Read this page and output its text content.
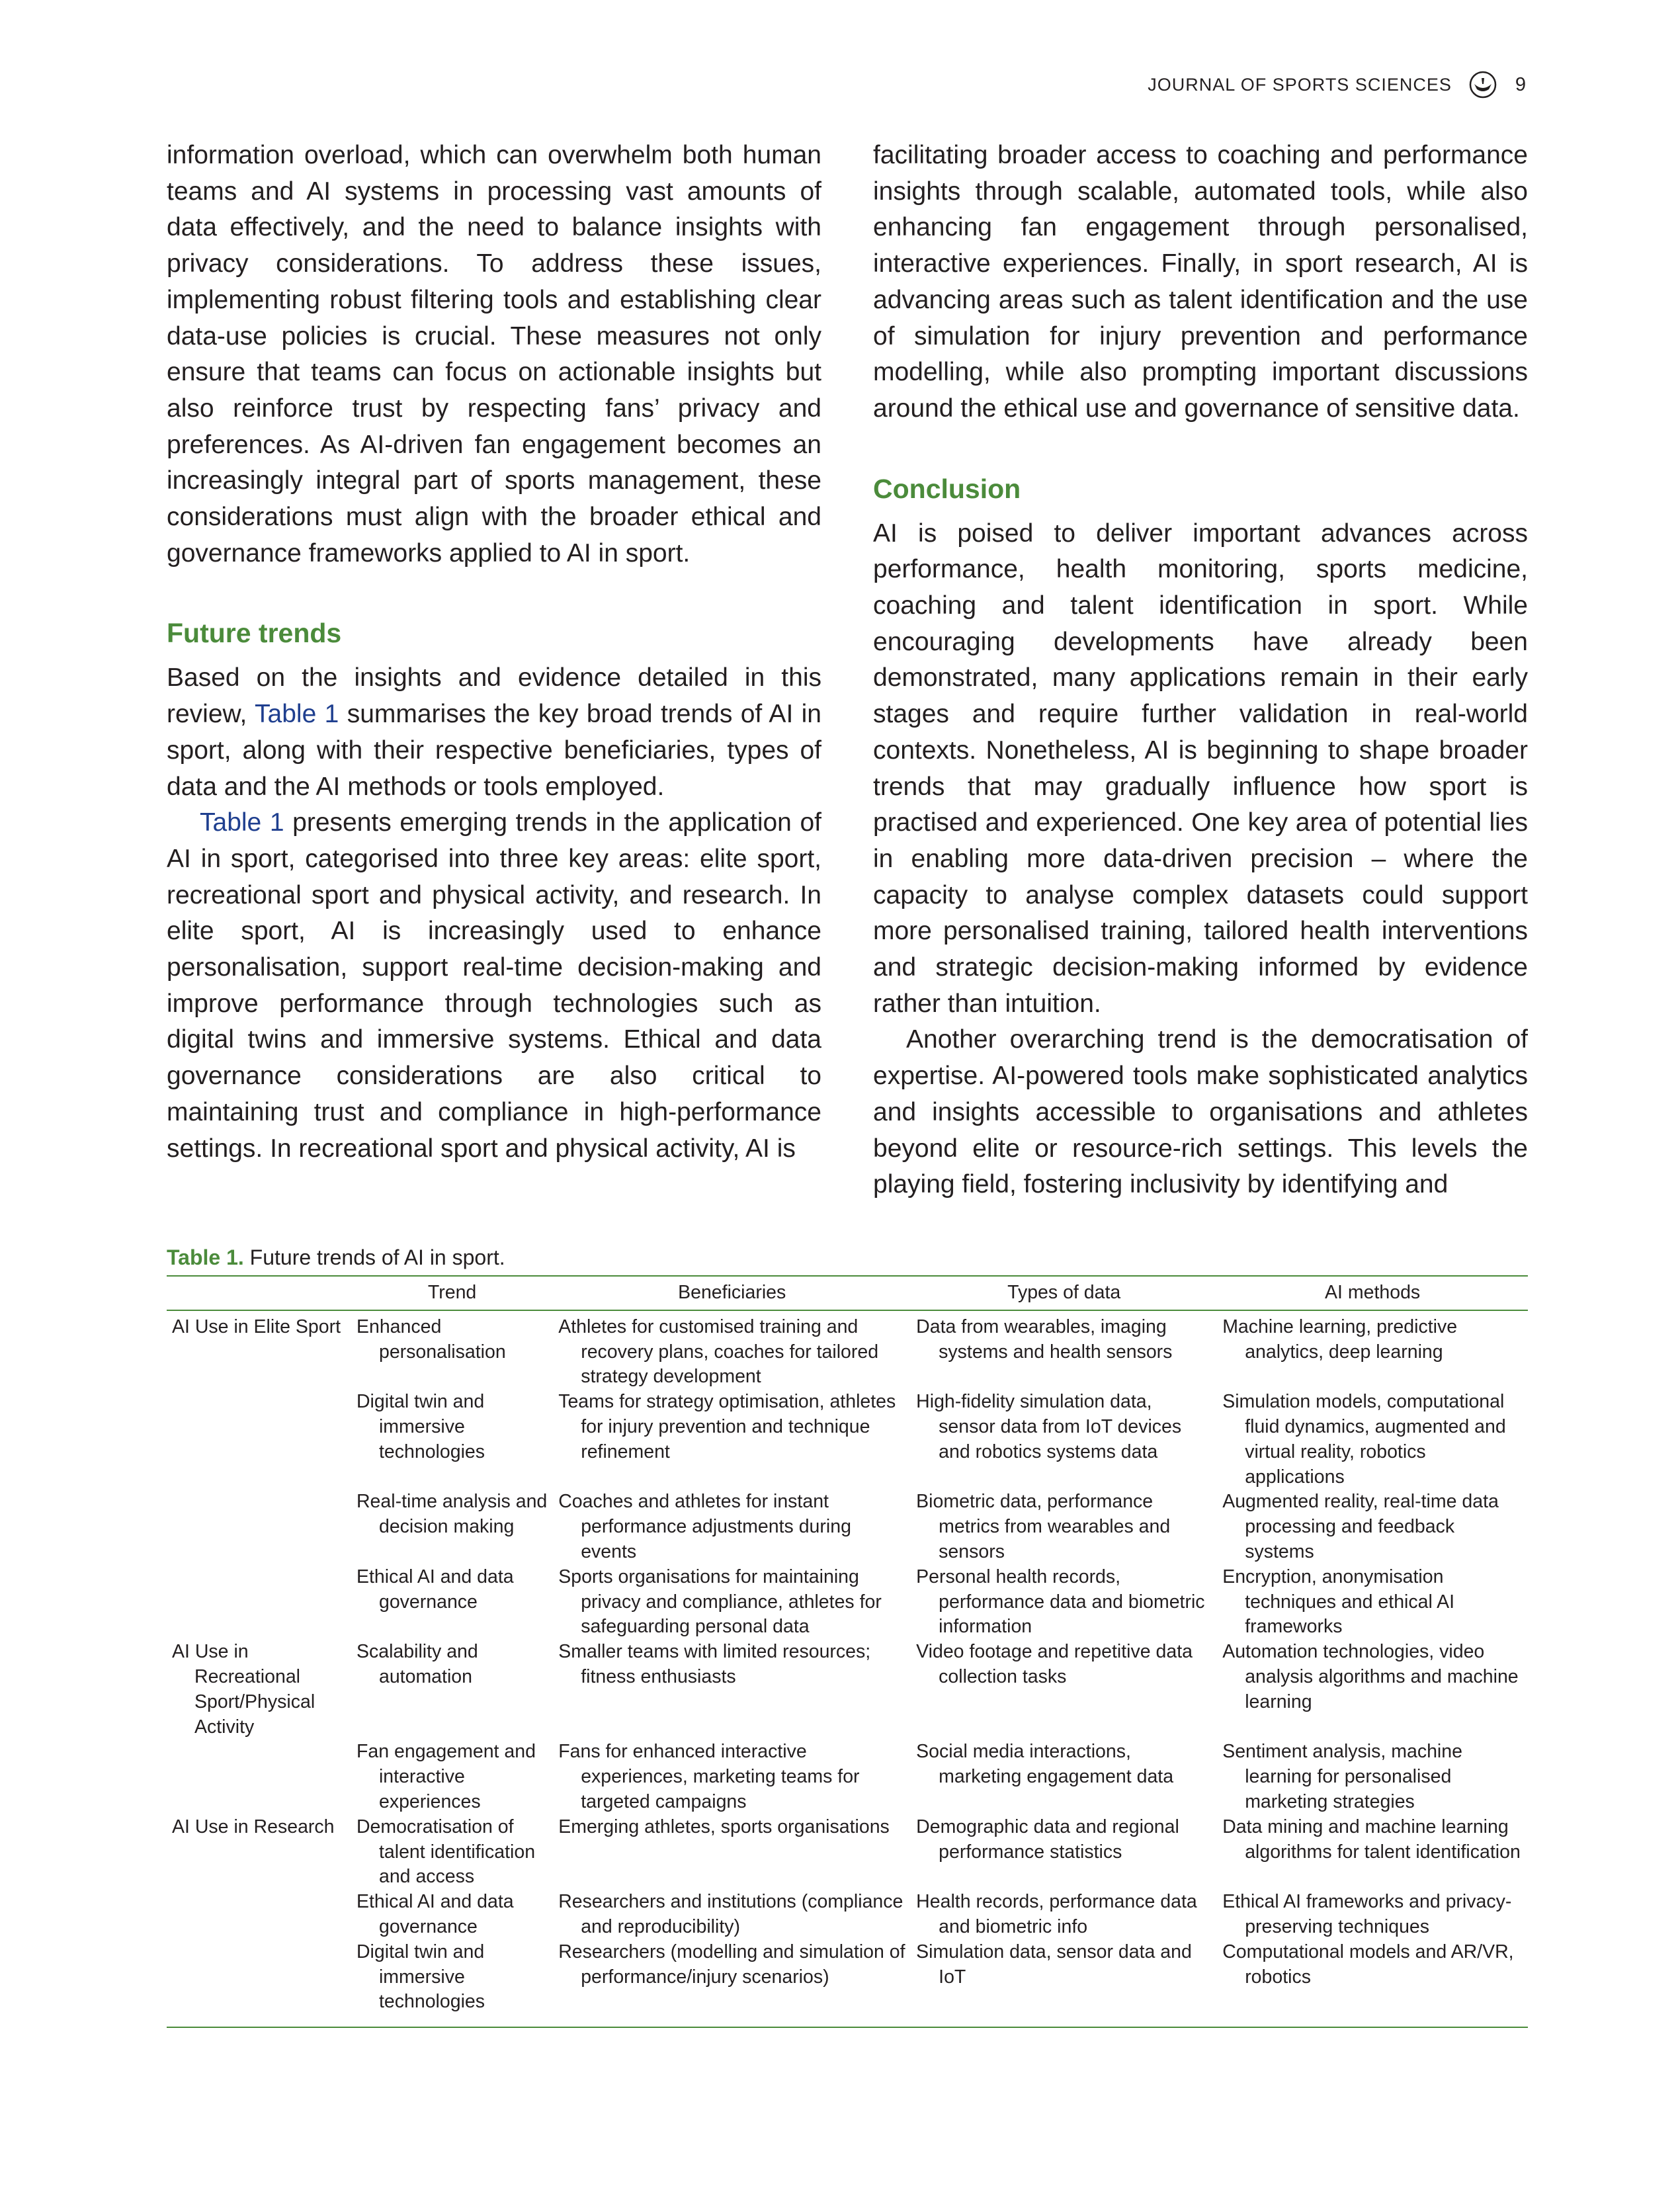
JOURNAL OF SPORTS SCIENCES	9

information overload, which can overwhelm both human teams and AI systems in processing vast amounts of data effectively, and the need to balance insights with privacy considerations. To address these issues, implementing robust filtering tools and establishing clear data-use policies is crucial. These measures not only ensure that teams can focus on actionable insights but also reinforce trust by respecting fans’ privacy and preferences. As AI-driven fan engagement becomes an increasingly integral part of sports management, these considerations must align with the broader ethical and governance frameworks applied to AI in sport.

Future trends

Based on the insights and evidence detailed in this review, Table 1 summarises the key broad trends of AI in sport, along with their respective beneficiaries, types of data and the AI methods or tools employed.

Table 1 presents emerging trends in the application of AI in sport, categorised into three key areas: elite sport, recreational sport and physical activity, and research. In elite sport, AI is increasingly used to enhance personalisation, support real-time decision-making and improve performance through technologies such as digital twins and immersive systems. Ethical and data governance considerations are also critical to maintaining trust and compliance in high-performance settings. In recreational sport and physical activity, AI is

facilitating broader access to coaching and performance insights through scalable, automated tools, while also enhancing fan engagement through personalised, interactive experiences. Finally, in sport research, AI is advancing areas such as talent identification and the use of simulation for injury prevention and performance modelling, while also prompting important discussions around the ethical use and governance of sensitive data.

Conclusion

AI is poised to deliver important advances across performance, health monitoring, sports medicine, coaching and talent identification in sport. While encouraging developments have already been demonstrated, many applications remain in their early stages and require further validation in real-world contexts. Nonetheless, AI is beginning to shape broader trends that may gradually influence how sport is practised and experienced. One key area of potential lies in enabling more data-driven precision – where the capacity to analyse complex datasets could support more personalised training, tailored health interventions and strategic decision-making informed by evidence rather than intuition.

Another overarching trend is the democratisation of expertise. AI-powered tools make sophisticated analytics and insights accessible to organisations and athletes beyond elite or resource-rich settings. This levels the playing field, fostering inclusivity by identifying and

Table 1. Future trends of AI in sport.
	Trend	Beneficiaries	Types of data	AI methods

AI Use in Elite Sport	Enhanced personalisation	Athletes for customised training and recovery plans, coaches for tailored strategy development	Data from wearables, imaging systems and health sensors	Machine learning, predictive analytics, deep learning

	Digital twin and immersive technologies	Teams for strategy optimisation, athletes for injury prevention and technique refinement	High-fidelity simulation data, sensor data from IoT devices and robotics systems data	Simulation models, computational fluid dynamics, augmented and virtual reality, robotics applications

	Real-time analysis and decision making	Coaches and athletes for instant performance adjustments during events	Biometric data, performance metrics from wearables and sensors	Augmented reality, real-time data processing and feedback systems

	Ethical AI and data governance	Sports organisations for maintaining privacy and compliance, athletes for safeguarding personal data	Personal health records, performance data and biometric information	Encryption, anonymisation techniques and ethical AI frameworks

AI Use in Recreational Sport/Physical Activity	Scalability and automation	Smaller teams with limited resources; fitness enthusiasts	Video footage and repetitive data collection tasks	Automation technologies, video analysis algorithms and machine learning

	Fan engagement and interactive experiences	Fans for enhanced interactive experiences, marketing teams for targeted campaigns	Social media interactions, marketing engagement data	Sentiment analysis, machine learning for personalised marketing strategies

AI Use in Research	Democratisation of talent identification and access	Emerging athletes, sports organisations	Demographic data and regional performance statistics	Data mining and machine learning algorithms for talent identification

	Ethical AI and data governance	Researchers and institutions (compliance and reproducibility)	Health records, performance data and biometric info	Ethical AI frameworks and privacy-preserving techniques

	Digital twin and immersive technologies	Researchers (modelling and simulation of performance/injury scenarios)	Simulation data, sensor data and IoT	Computational models and AR/VR, robotics
